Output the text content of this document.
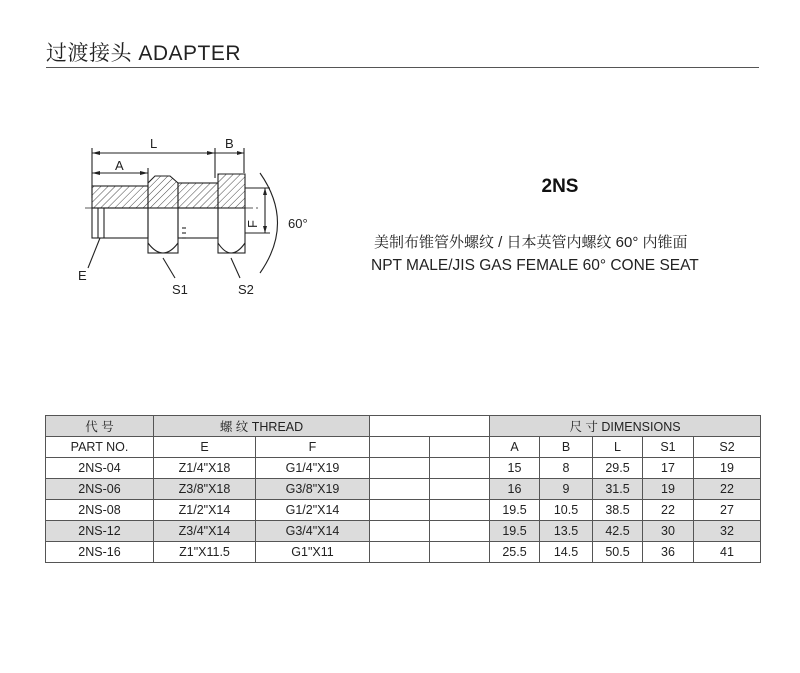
过渡接头 ADAPTER
L	B
A
F 60°
E
S1	S2
2NS
美制布锥管外螺纹 / 日本英管内螺纹 60° 内锥面
NPT MALE/JIS GAS FEMALE 60° CONE SEAT
代 号	螺 纹 THREAD				尺 寸 DIMENSIONS				
PART NO.	E	F			A	B	L	S1	S2
2NS-04	Z1/4"X18	G1/4"X19			15	8	29.5	17	19
2NS-06	Z3/8"X18	G3/8"X19			16	9	31.5	19	22
2NS-08	Z1/2"X14	G1/2"X14			19.5	10.5	38.5	22	27
2NS-12	Z3/4"X14	G3/4"X14			19.5	13.5	42.5	30	32
2NS-16	Z1"X11.5	G1"X11			25.5	14.5	50.5	36	41
